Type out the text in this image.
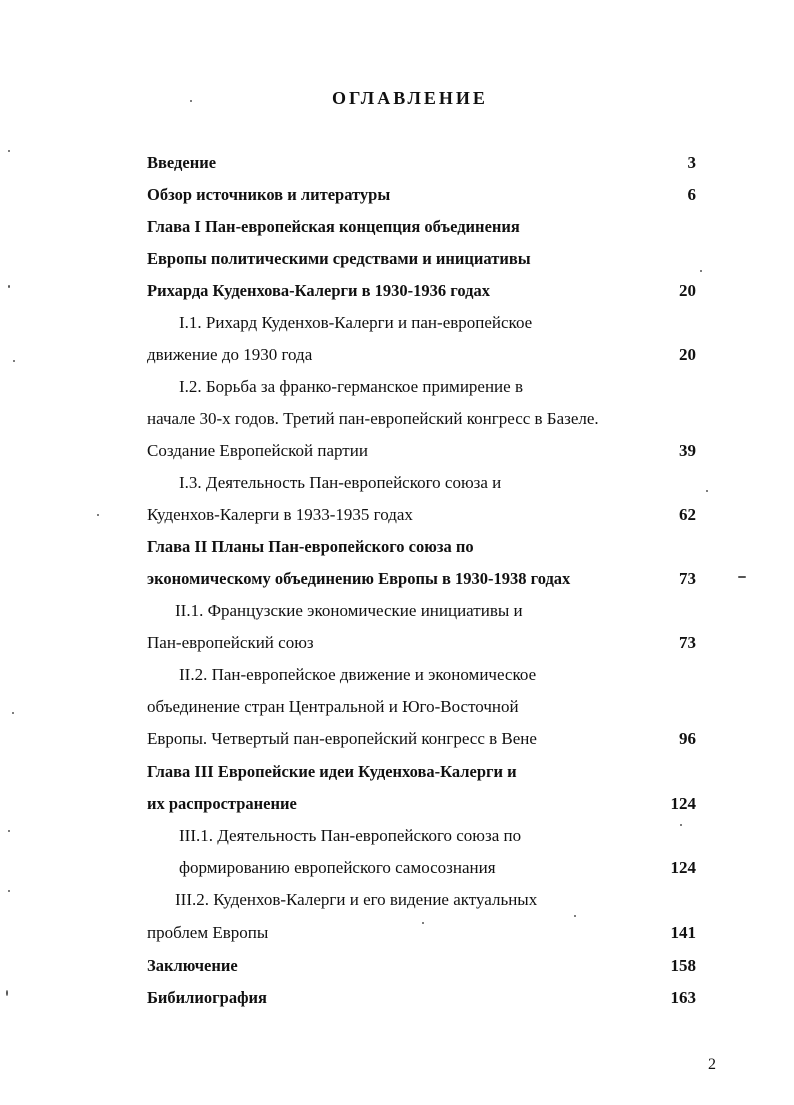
ОГЛАВЛЕНИЕ
Введение	3
Обзор источников и литературы	6
Глава I Пан-европейская концепция объединения
Европы политическими средствами и инициативы
Рихарда Куденхова-Калерги в 1930-1936 годах	20
I.1. Рихард Куденхов-Калерги и пан-европейское
движение до 1930 года	20
I.2. Борьба за франко-германское примирение в
начале 30-х годов. Третий пан-европейский конгресс в Базеле.
Создание Европейской партии	39
I.3. Деятельность Пан-европейского союза и
Куденхов-Калерги в 1933-1935 годах	62
Глава II Планы Пан-европейского союза по
экономическому объединению Европы в 1930-1938 годах	73
II.1. Французские экономические инициативы и
Пан-европейский союз	73
II.2. Пан-европейское движение и экономическое
объединение стран Центральной и Юго-Восточной
Европы. Четвертый пан-европейский конгресс в Вене	96
Глава III Европейские идеи Куденхова-Калерги и
их распространение	124
III.1. Деятельность Пан-европейского союза по
формированию европейского самосознания	124
III.2. Куденхов-Калерги и его видение актуальных
проблем Европы	141
Заключение	158
Бибилиография	163
2
